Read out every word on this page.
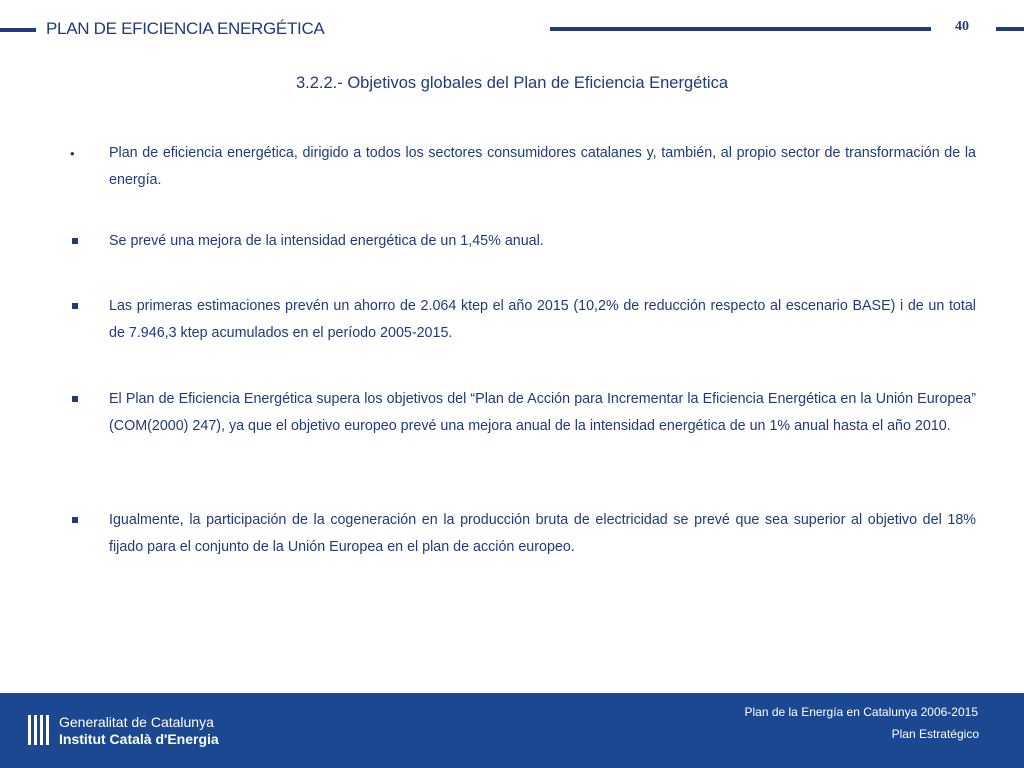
PLAN DE EFICIENCIA ENERGÉTICA	40
3.2.2.- Objetivos globales del Plan de Eficiencia Energética
•	Plan de eficiencia energética, dirigido a todos los sectores consumidores catalanes y, también, al propio sector de transformación de la energía.
Se prevé una mejora de la intensidad energética de un 1,45% anual.
Las primeras estimaciones prevén un ahorro de 2.064 ktep el año 2015 (10,2% de reducción respecto al escenario BASE) i de un total de 7.946,3 ktep acumulados en el período 2005-2015.
El Plan de Eficiencia Energética supera los objetivos del “Plan de Acción para Incrementar la Eficiencia Energética en la Unión Europea” (COM(2000) 247), ya que el objetivo europeo prevé una mejora anual de la intensidad energética de un 1% anual hasta el año 2010.
Igualmente, la participación de la cogeneración en la producción bruta de electricidad se prevé que sea superior al objetivo del 18% fijado para el conjunto de la Unión Europea en el plan de acción europeo.
Generalitat de Catalunya
Institut Català d'Energia
Plan de la Energía en Catalunya 2006-2015
Plan Estratégico
